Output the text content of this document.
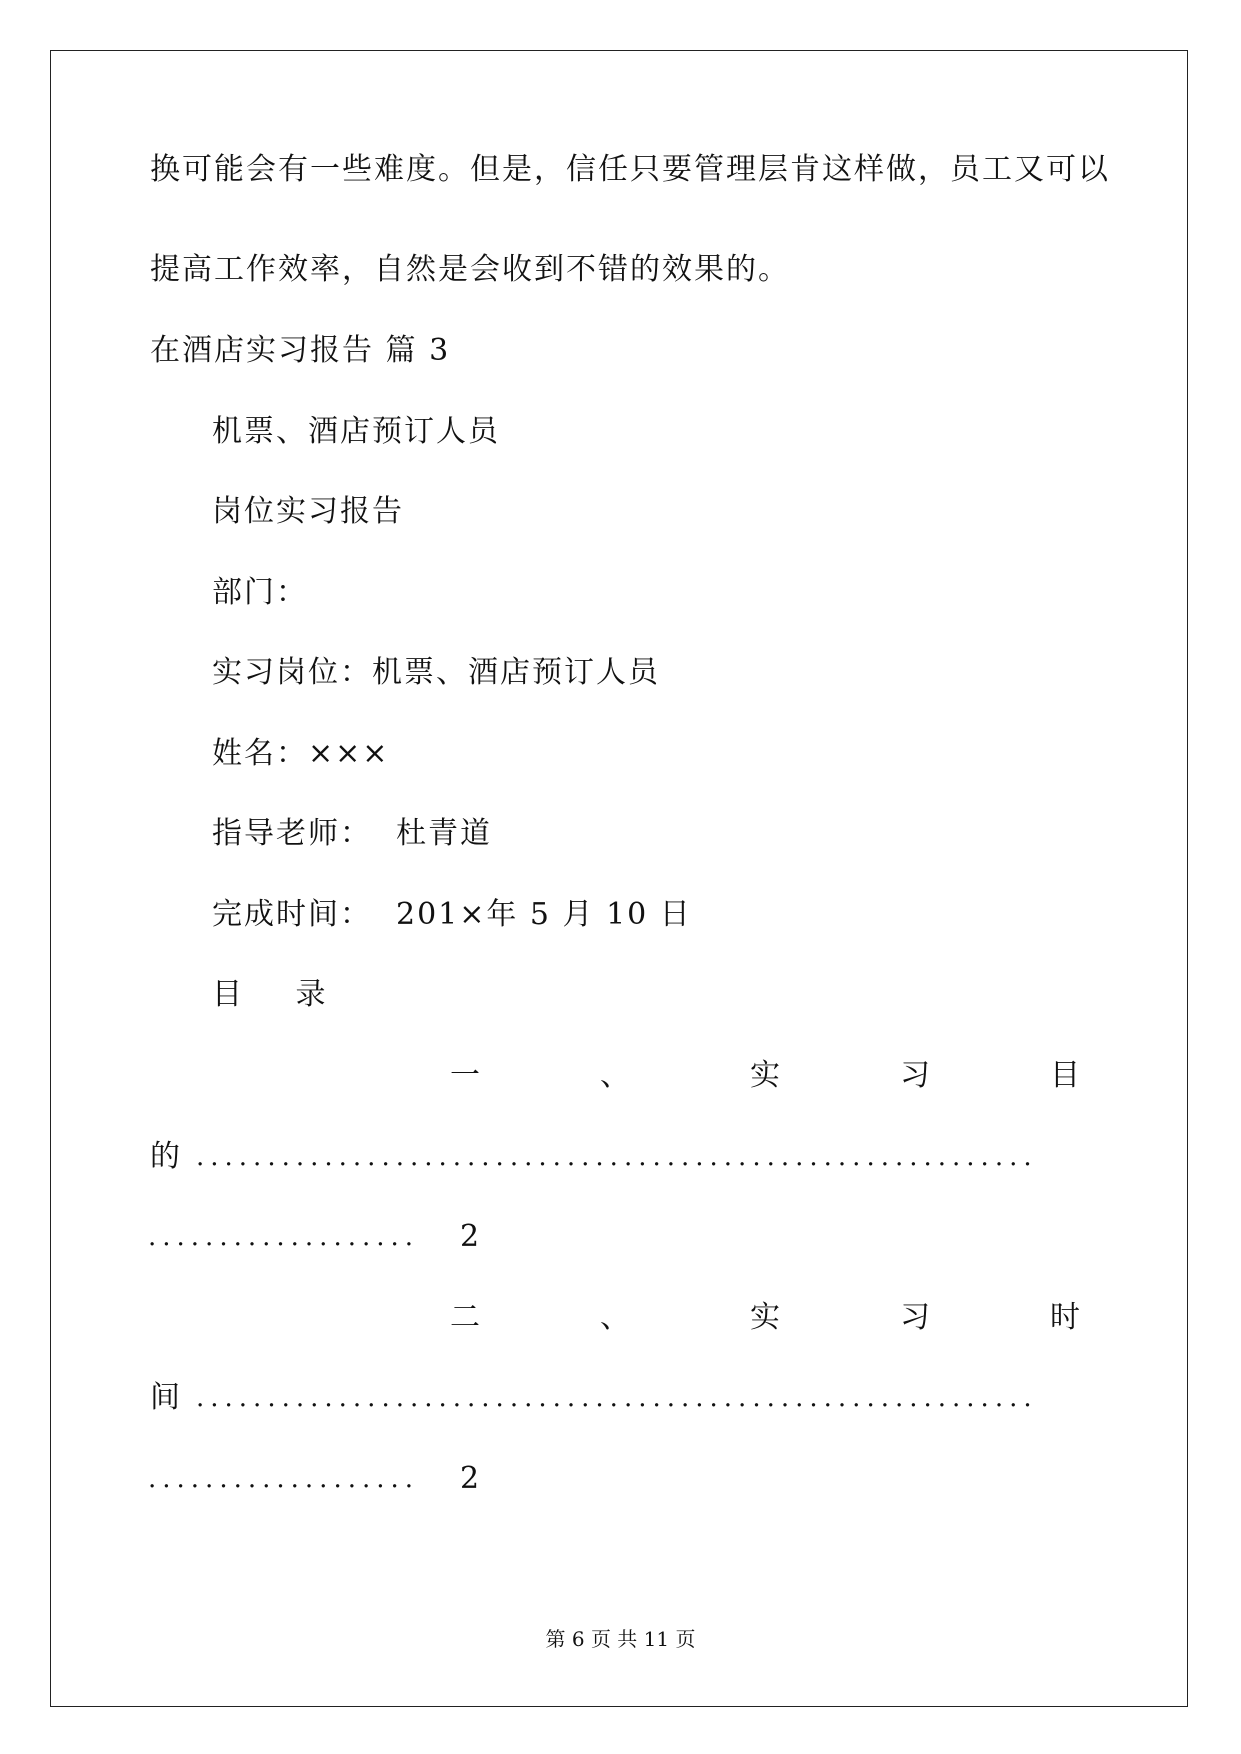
换可能会有一些难度。但是，信任只要管理层肯这样做，员工又可以
提高工作效率，自然是会收到不错的效果的。
在酒店实习报告 篇 3
机票、酒店预订人员
岗位实习报告
部门：
实习岗位：机票、酒店预订人员
姓名：×××
指导老师： 杜青道
完成时间： 201×年 5 月 10 日
目 录
一	、	实	习	目
的 ...........................................................
...................	2
二	、	实	习	时
间 ...........................................................
...................	2
第 6 页 共 11 页
